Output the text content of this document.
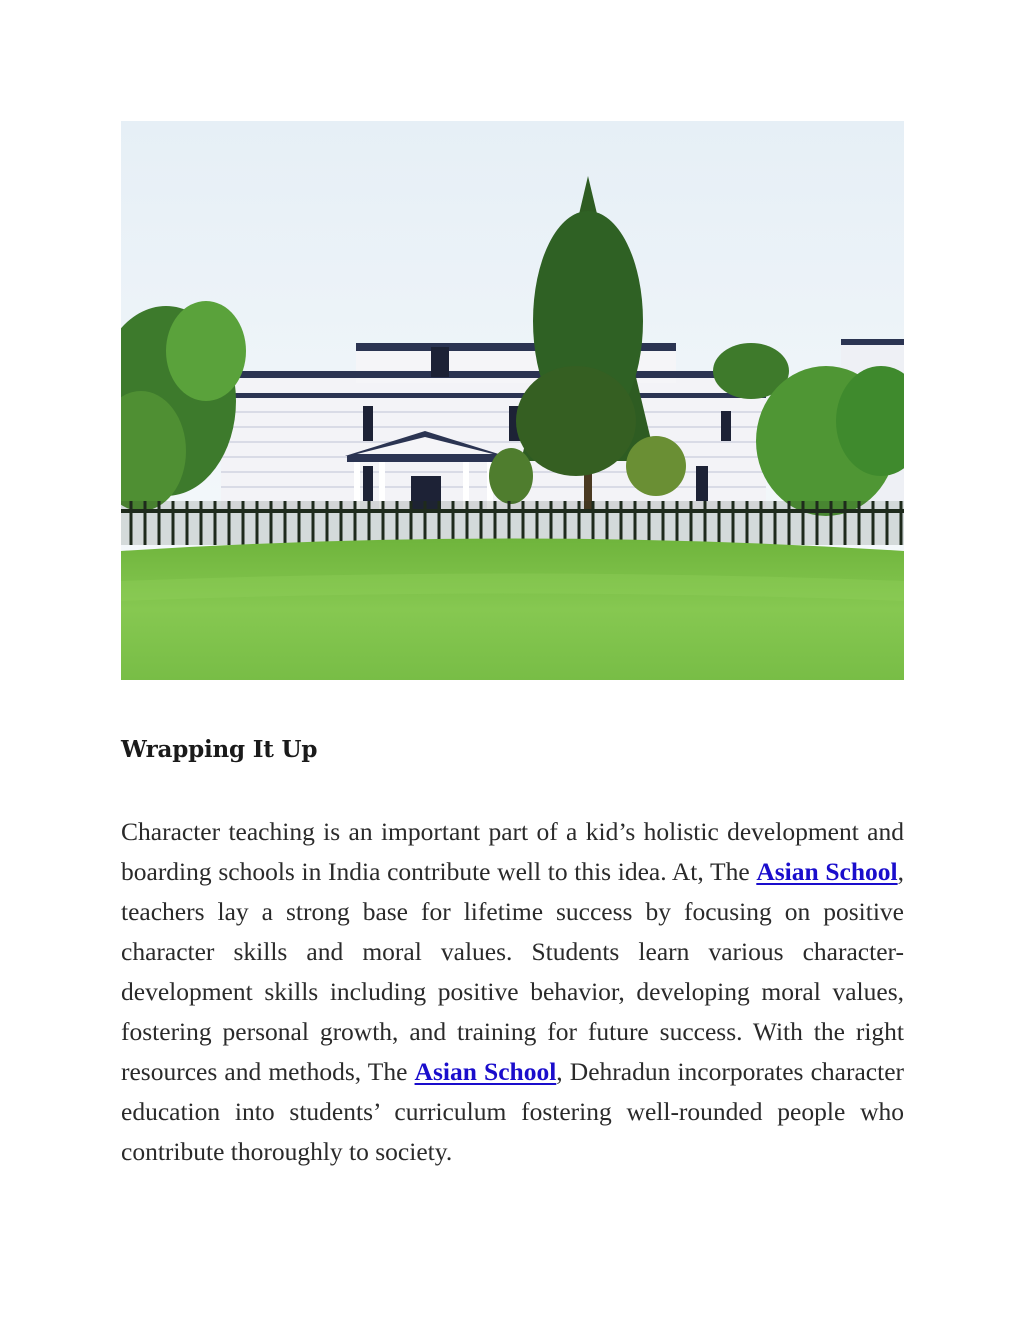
Wrapping It Up

Character teaching is an important part of a kid’s holistic development and boarding schools in India contribute well to this idea. At, The Asian School, teachers lay a strong base for lifetime success by focusing on positive character skills and moral values. Students learn various character-development skills including positive behavior, developing moral values, fostering personal growth, and training for future success. With the right resources and methods, The Asian School, Dehradun incorporates character education into students’ curriculum fostering well-rounded people who contribute thoroughly to society.
